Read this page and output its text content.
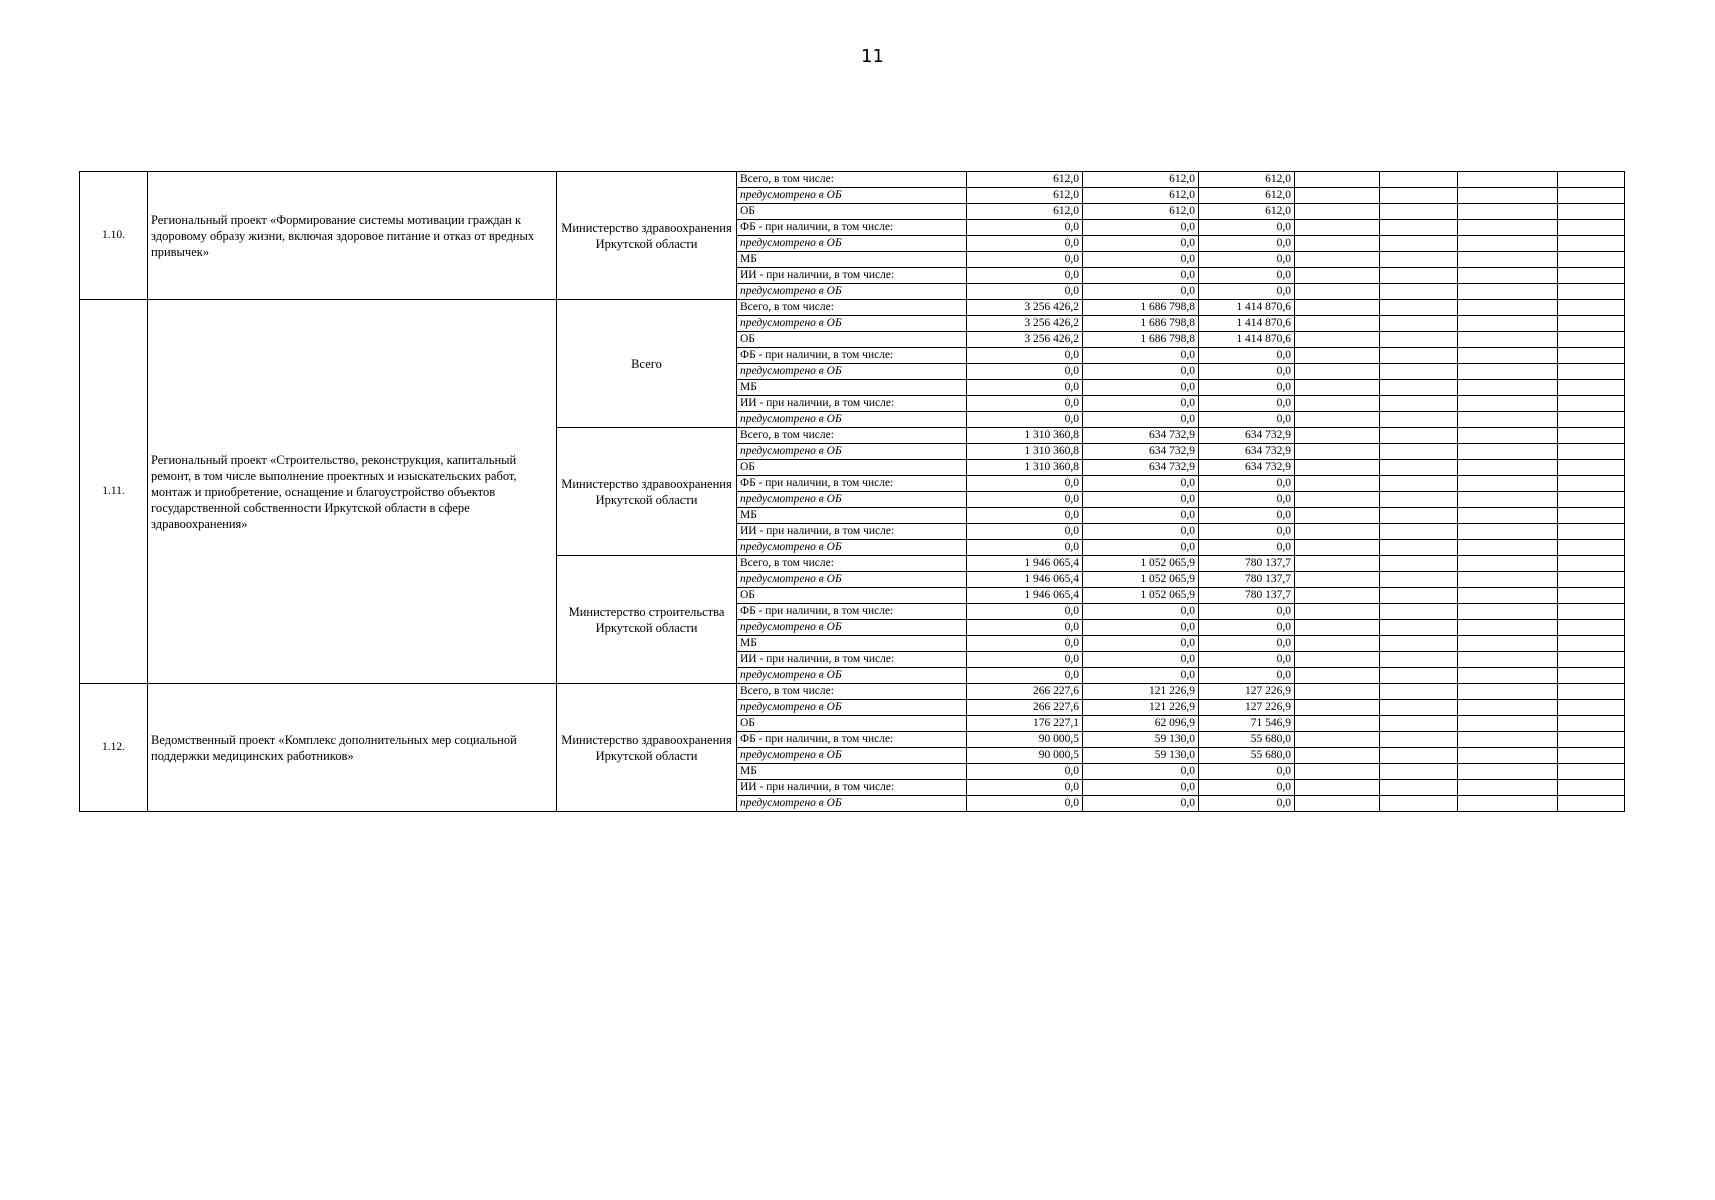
11
1.10.	Региональный проект «Формирование системы мотивации граждан к здоровому образу жизни, включая здоровое питание и отказ от вредных привычек»	Министерство здравоохранения Иркутской области	Всего, в том числе:	612,0	612,0	612,0				
			предусмотрено в ОБ	612,0	612,0	612,0				
			ОБ	612,0	612,0	612,0				
			ФБ - при наличии, в том числе:	0,0	0,0	0,0				
			предусмотрено в ОБ	0,0	0,0	0,0				
			МБ	0,0	0,0	0,0				
			ИИ - при наличии, в том числе:	0,0	0,0	0,0				
			предусмотрено в ОБ	0,0	0,0	0,0				
1.11.	Региональный проект «Строительство, реконструкция, капитальный ремонт, в том числе выполнение проектных и изыскательских работ, монтаж и приобретение, оснащение и благоустройство объектов государственной собственности Иркутской области в сфере здравоохранения»	Всего	Всего, в том числе:	3 256 426,2	1 686 798,8	1 414 870,6				
			предусмотрено в ОБ	3 256 426,2	1 686 798,8	1 414 870,6				
			ОБ	3 256 426,2	1 686 798,8	1 414 870,6				
			ФБ - при наличии, в том числе:	0,0	0,0	0,0				
			предусмотрено в ОБ	0,0	0,0	0,0				
			МБ	0,0	0,0	0,0				
			ИИ - при наличии, в том числе:	0,0	0,0	0,0				
			предусмотрено в ОБ	0,0	0,0	0,0				
		Министерство здравоохранения Иркутской области	Всего, в том числе:	1 310 360,8	634 732,9	634 732,9				
			предусмотрено в ОБ	1 310 360,8	634 732,9	634 732,9				
			ОБ	1 310 360,8	634 732,9	634 732,9				
			ФБ - при наличии, в том числе:	0,0	0,0	0,0				
			предусмотрено в ОБ	0,0	0,0	0,0				
			МБ	0,0	0,0	0,0				
			ИИ - при наличии, в том числе:	0,0	0,0	0,0				
			предусмотрено в ОБ	0,0	0,0	0,0				
		Министерство строительства Иркутской области	Всего, в том числе:	1 946 065,4	1 052 065,9	780 137,7				
			предусмотрено в ОБ	1 946 065,4	1 052 065,9	780 137,7				
			ОБ	1 946 065,4	1 052 065,9	780 137,7				
			ФБ - при наличии, в том числе:	0,0	0,0	0,0				
			предусмотрено в ОБ	0,0	0,0	0,0				
			МБ	0,0	0,0	0,0				
			ИИ - при наличии, в том числе:	0,0	0,0	0,0				
			предусмотрено в ОБ	0,0	0,0	0,0				
1.12.	Ведомственный проект «Комплекс дополнительных мер социальной поддержки медицинских работников»	Министерство здравоохранения Иркутской области	Всего, в том числе:	266 227,6	121 226,9	127 226,9				
			предусмотрено в ОБ	266 227,6	121 226,9	127 226,9				
			ОБ	176 227,1	62 096,9	71 546,9				
			ФБ - при наличии, в том числе:	90 000,5	59 130,0	55 680,0				
			предусмотрено в ОБ	90 000,5	59 130,0	55 680,0				
			МБ	0,0	0,0	0,0				
			ИИ - при наличии, в том числе:	0,0	0,0	0,0				
			предусмотрено в ОБ	0,0	0,0	0,0				
